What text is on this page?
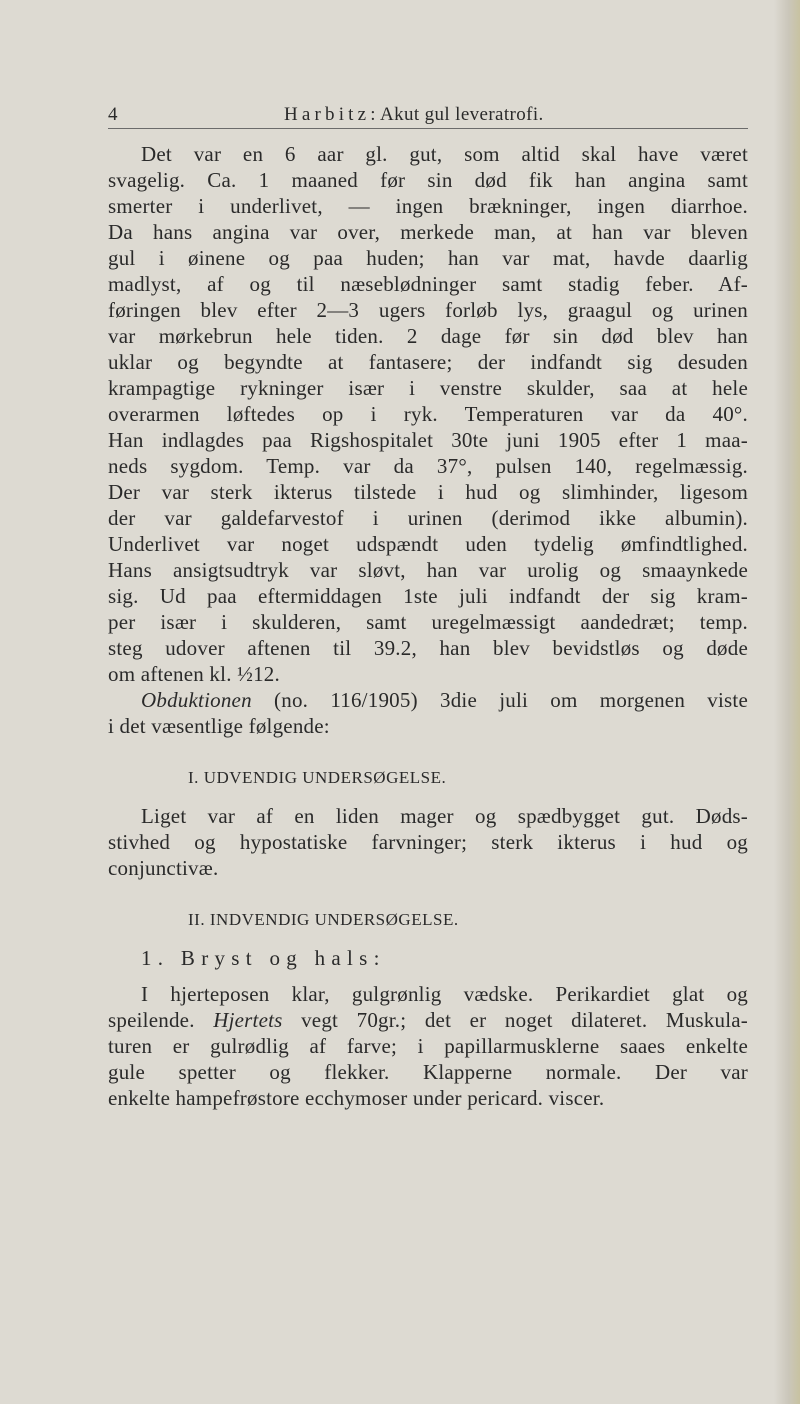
4	Harbitz: Akut gul leveratrofi.
Det var en 6 aar gl. gut, som altid skal have været
svagelig. Ca. 1 maaned før sin død fik han angina samt
smerter i underlivet, — ingen brækninger, ingen diarrhoe.
Da hans angina var over, merkede man, at han var bleven
gul i øinene og paa huden; han var mat, havde daarlig
madlyst, af og til næseblødninger samt stadig feber. Af-
føringen blev efter 2—3 ugers forløb lys, graagul og urinen
var mørkebrun hele tiden. 2 dage før sin død blev han
uklar og begyndte at fantasere; der indfandt sig desuden
krampagtige rykninger især i venstre skulder, saa at hele
overarmen løftedes op i ryk. Temperaturen var da 40°.
Han indlagdes paa Rigshospitalet 30te juni 1905 efter 1 maa-
neds sygdom. Temp. var da 37°, pulsen 140, regelmæssig.
Der var sterk ikterus tilstede i hud og slimhinder, ligesom
der var galdefarvestof i urinen (derimod ikke albumin).
Underlivet var noget udspændt uden tydelig ømfindtlighed.
Hans ansigtsudtryk var sløvt, han var urolig og smaaynkede
sig. Ud paa eftermiddagen 1ste juli indfandt der sig kram-
per især i skulderen, samt uregelmæssigt aandedræt; temp.
steg udover aftenen til 39.2, han blev bevidstløs og døde
om aftenen kl. ½12.
Obduktionen (no. 116/1905) 3die juli om morgenen viste
i det væsentlige følgende:
I. UDVENDIG UNDERSØGELSE.
Liget var af en liden mager og spædbygget gut. Døds-
stivhed og hypostatiske farvninger; sterk ikterus i hud og
conjunctivæ.
II. INDVENDIG UNDERSØGELSE.
1. Bryst og hals:
I hjerteposen klar, gulgrønlig vædske. Perikardiet glat og
speilende. Hjertets vegt 70gr.; det er noget dilateret. Muskula-
turen er gulrødlig af farve; i papillarmusklerne saaes enkelte
gule spetter og flekker. Klapperne normale. Der var
enkelte hampefrøstore ecchymoser under pericard. viscer.
